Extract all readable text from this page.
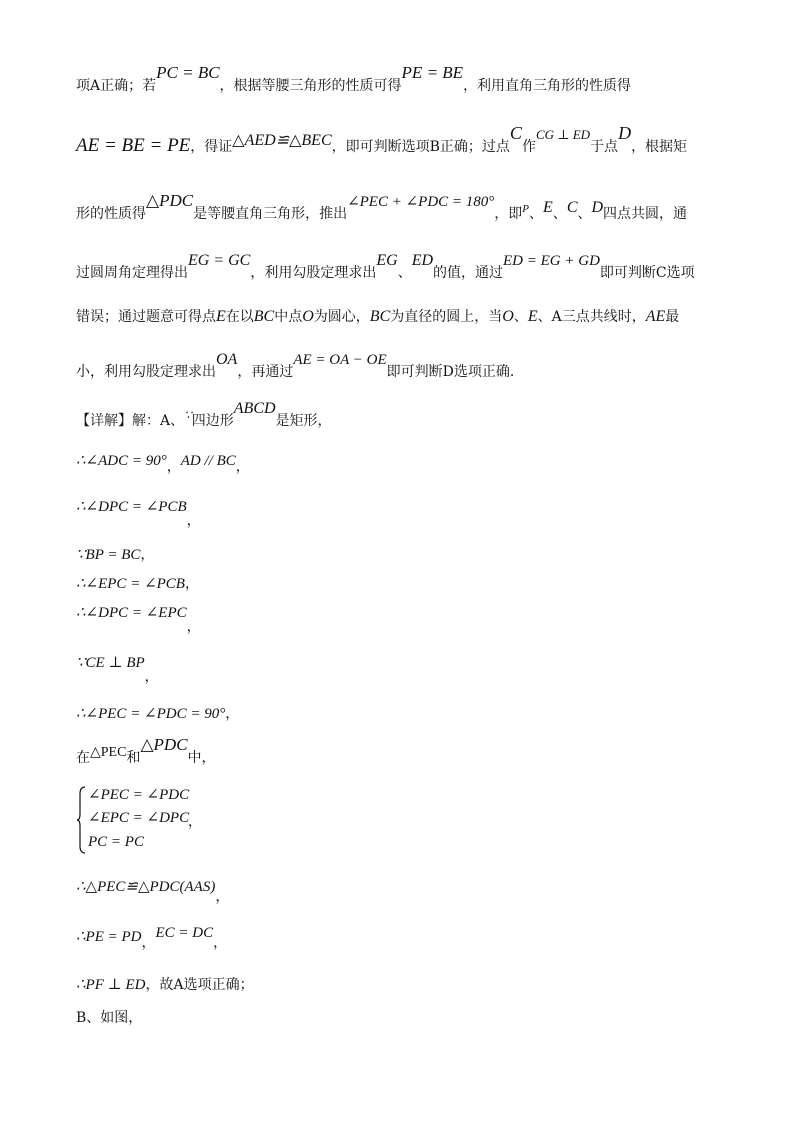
项A正确；若PC = BC，根据等腰三角形的性质可得PE = BE，利用直角三角形的性质得
AE = BE = PE，得证△AED≌△BEC，即可判断选项B正确；过点C作CG ⊥ ED于点D，根据矩
形的性质得△PDC是等腰直角三角形，推出∠PEC + ∠PDC = 180°，即$^P$、E、C、D四点共圆，通
过圆周角定理得出EG = GC，利用勾股定理求出EG、ED的值，通过ED = EG + GD即可判断C选项
错误；通过题意可得点E在以BC中点O为圆心，BC为直径的圆上，当O、E、A三点共线时，AE最
小，利用勾股定理求出OA，再通过AE = OA − OE即可判断D选项正确.
【详解】解：A、∵四边形ABCD是矩形，
∴∠ADC = 90°，AD // BC，
∴∠DPC = ∠PCB，
∵BP = BC，
∴∠EPC = ∠PCB，
∴∠DPC = ∠EPC，
∵CE ⊥ BP，
∴∠PEC = ∠PDC = 90°，
在△PEC和△PDC中，
∠PEC = ∠PDC
∠EPC = ∠DPC
PC = PC
，
∴△PEC≌△PDC(AAS)，
∴PE = PD，EC = DC，
∴PF ⊥ ED，故A选项正确；
B、如图，
